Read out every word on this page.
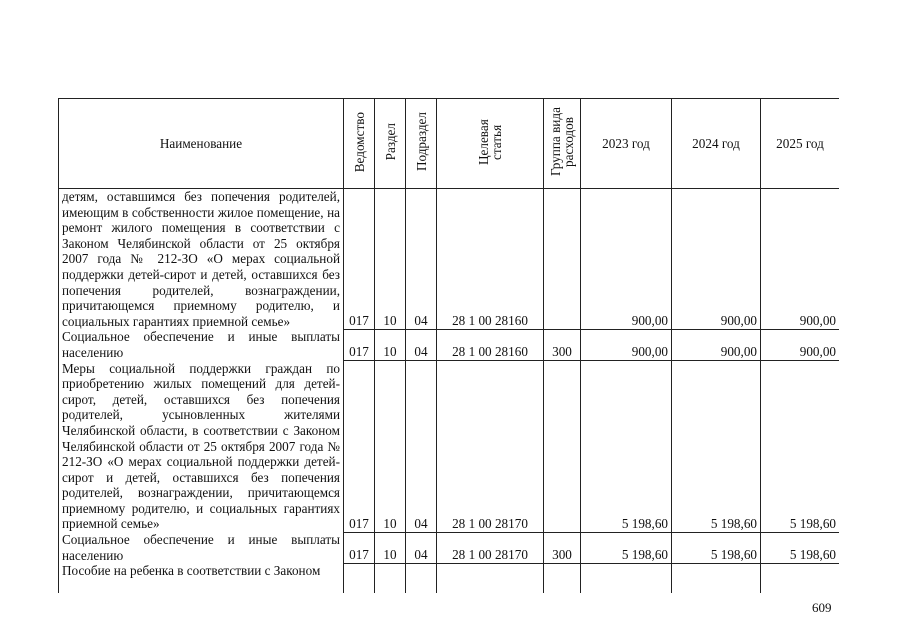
Наименование	Ведомство	Раздел	Подраздел	Целевая статья	Группа вида расходов	2023 год	2024 год	2025 год
детям, оставшимся без попечения родителей, имеющим в собственности жилое помещение, на ремонт жилого помещения в соответствии с Законом Челябинской области от 25 октября 2007 года № 212-ЗО «О мерах социальной поддержки детей-сирот и детей, оставшихся без попечения родителей, вознаграждении, причитающемся приемному родителю, и социальных гарантиях приемной семье»	017	10	04	28 1 00 28160		900,00	900,00	900,00
Социальное обеспечение и иные выплаты населению	017	10	04	28 1 00 28160	300	900,00	900,00	900,00
Меры социальной поддержки граждан по приобретению жилых помещений для детей-сирот, детей, оставшихся без попечения родителей, усыновленных жителями Челябинской области, в соответствии с Законом Челябинской области от 25 октября 2007 года № 212-ЗО «О мерах социальной поддержки детей-сирот и детей, оставшихся без попечения родителей, вознаграждении, причитающемся приемному родителю, и социальных гарантиях приемной семье»	017	10	04	28 1 00 28170		5 198,60	5 198,60	5 198,60
Социальное обеспечение и иные выплаты населению	017	10	04	28 1 00 28170	300	5 198,60	5 198,60	5 198,60
Пособие на ребенка в соответствии с Законом								
609
